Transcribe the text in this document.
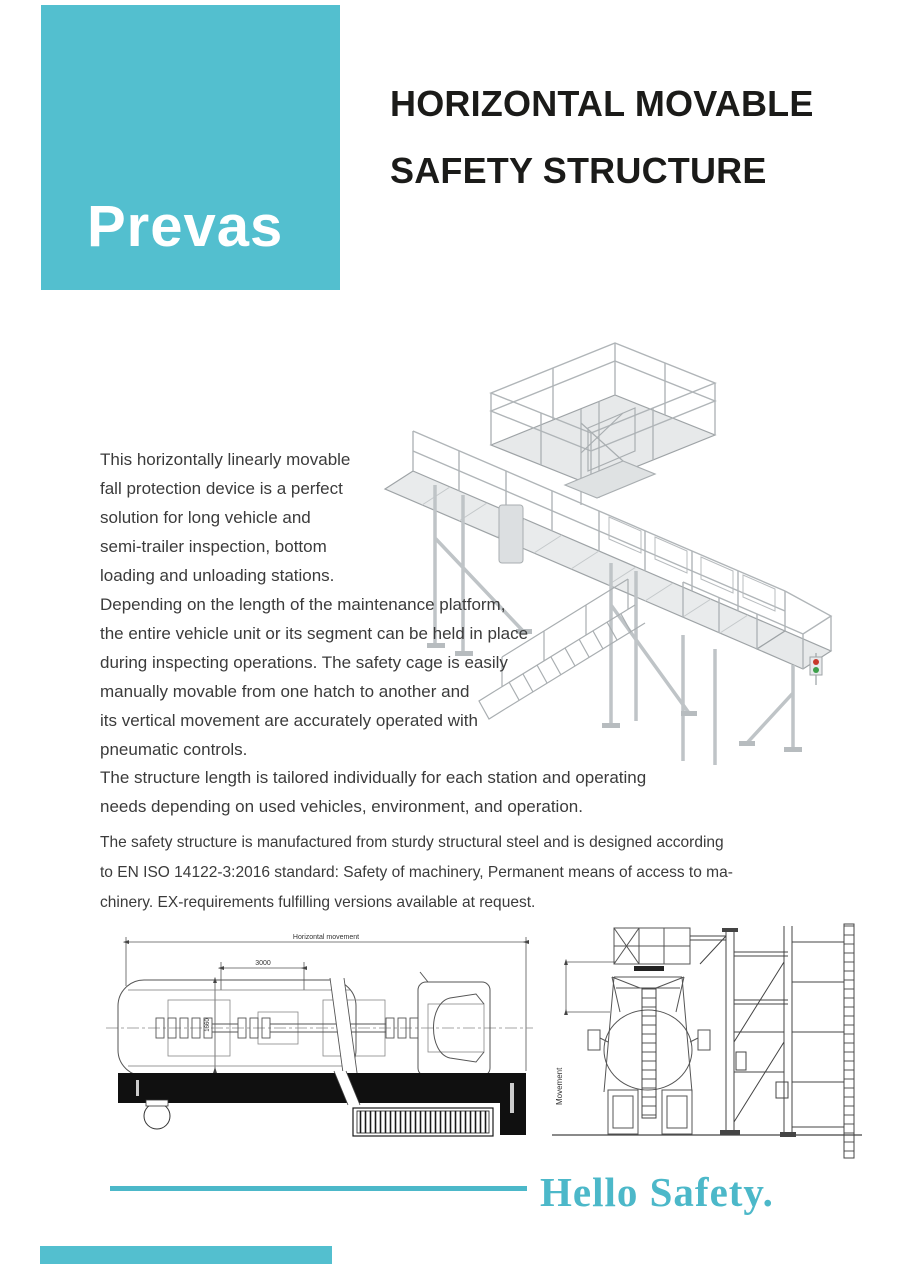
Prevas
HORIZONTAL MOVABLE
SAFETY STRUCTURE
This horizontally linearly movable
fall protection device is a perfect
solution for long vehicle and
semi-trailer inspection, bottom
loading and unloading stations.
Depending on the length of the maintenance platform,
the entire vehicle unit or its segment can be held in place
during inspecting operations. The safety cage is easily
manually movable from one hatch to another and
its vertical movement are accurately operated with
pneumatic controls.
The structure length is tailored individually for each station and operating
needs depending on used vehicles, environment, and operation.
The safety structure is manufactured from sturdy structural steel and is designed according
to EN ISO 14122-3:2016 standard: Safety of machinery, Permanent means of access to ma-
chinery. EX-requirements fulfilling versions available at request.
Horizontal movement
3000
1660
Movement
Hello Safety.
